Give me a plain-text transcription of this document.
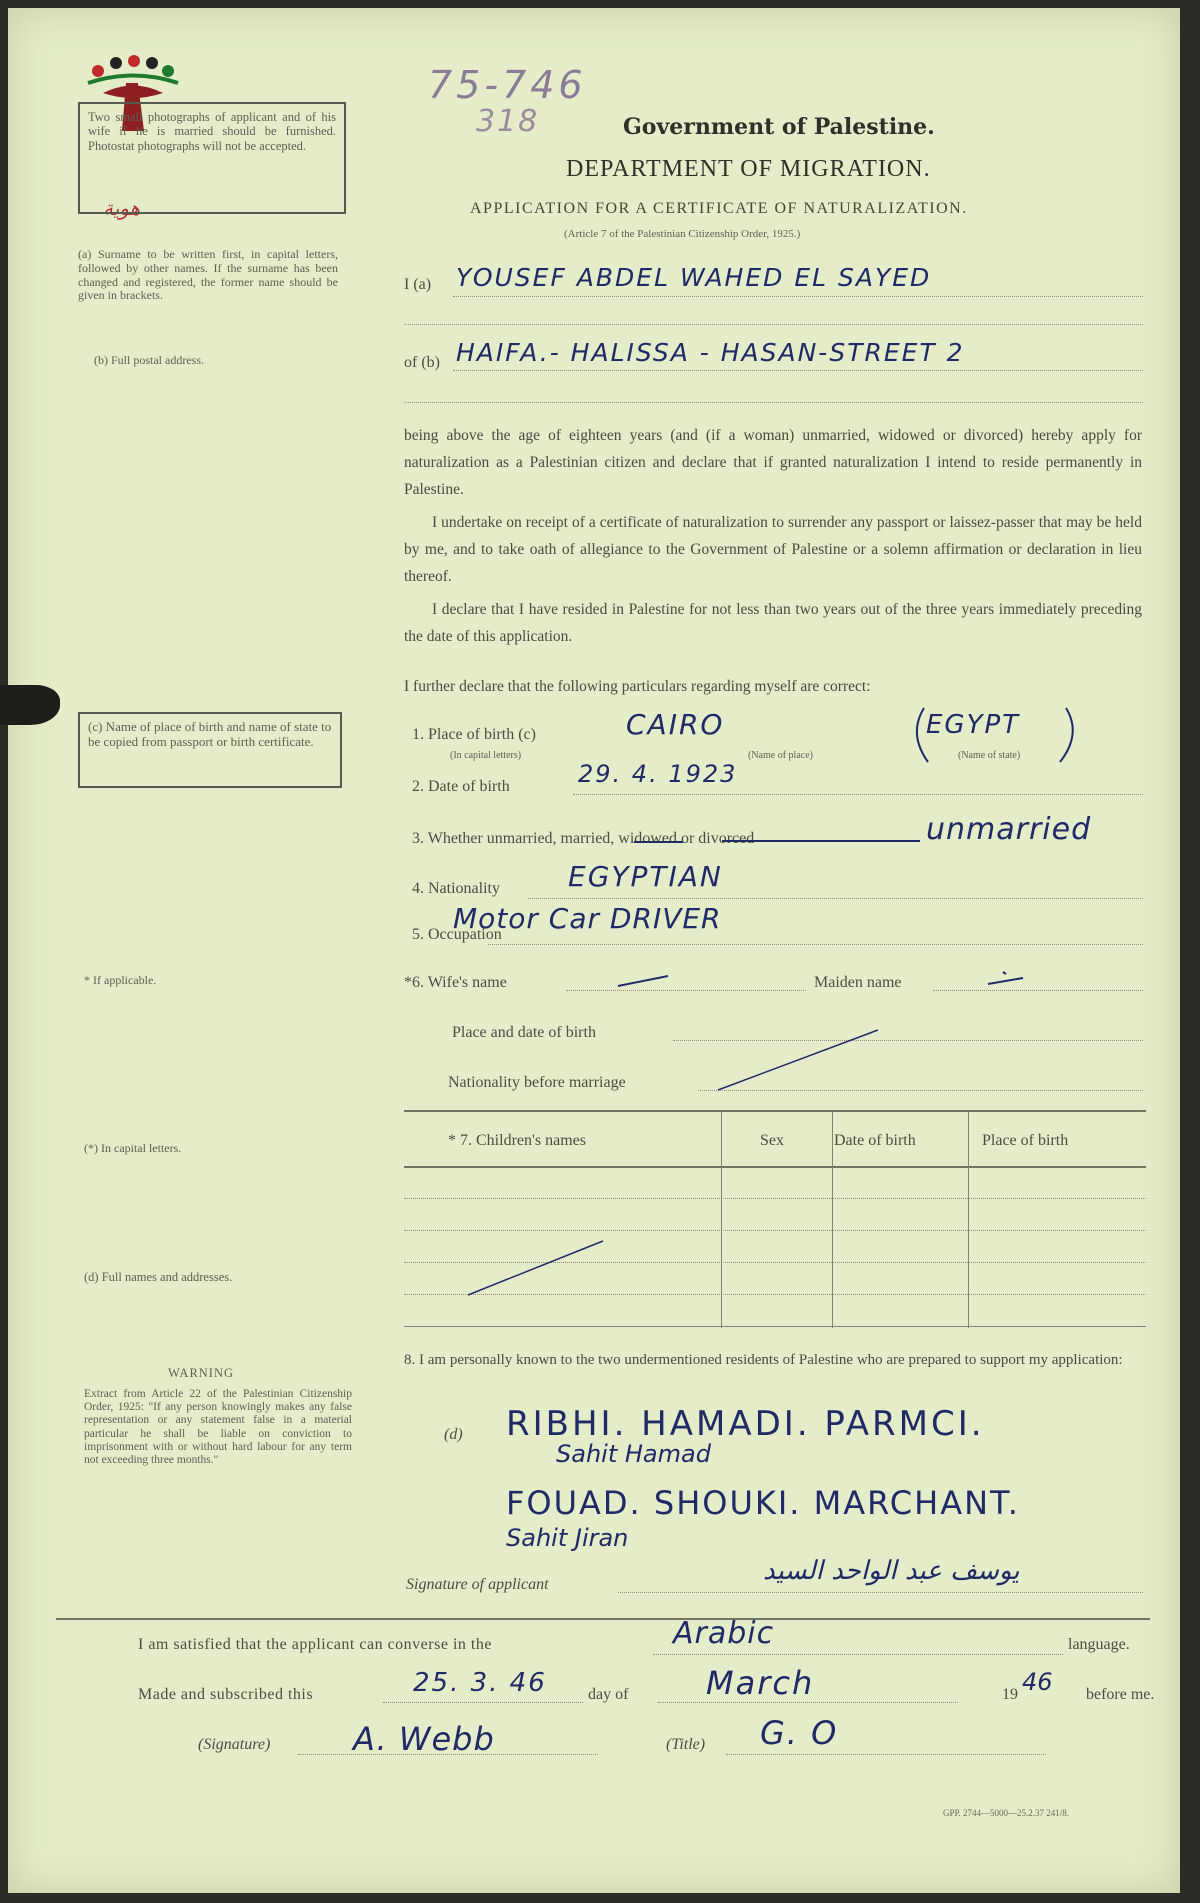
هوية
75-746
318
Two small photographs of applicant and of his wife if he is married should be furnished. Photostat photographs will not be accepted.
Government of Palestine.
DEPARTMENT OF MIGRATION.
APPLICATION FOR A CERTIFICATE OF NATURALIZATION.
(Article 7 of the Palestinian Citizenship Order, 1925.)
(a) Surname to be written first, in capital letters, followed by other names. If the surname has been changed and registered, the former name should be given in brackets.
(b) Full postal address.
I (a) YOUSEF ABDEL WAHED EL SAYED
of (b) HAIFA.- HALISSA - HASAN-STREET 2
being above the age of eighteen years (and (if a woman) unmarried, widowed or divorced) hereby apply for naturalization as a Palestinian citizen and declare that if granted naturalization I intend to reside permanently in Palestine.
I undertake on receipt of a certificate of naturalization to surrender any passport or laissez-passer that may be held by me, and to take oath of allegiance to the Government of Palestine or a solemn affirmation or declaration in lieu thereof.
I declare that I have resided in Palestine for not less than two years out of the three years immediately preceding the date of this application.
I further declare that the following particulars regarding myself are correct:
(c) Name of place of birth and name of state to be copied from passport or birth certificate.	1. Place of birth (c)
(In capital letters)
CAIRO
(Name of place)
EGYPT
(Name of state)
2. Date of birth	29. 4. 1923
3. Whether unmarried, married, widowed or divorced	unmarried
4. Nationality EGYPTIAN
5. Occupation
Motor Car DRIVER
* If applicable.	*6. Wife's name	Maiden name
Place and date of birth
Nationality before marriage
(*) In capital letters.	* 7. Children's names	Sex	Date of birth	Place of birth
(d) Full names and addresses.
WARNING
Extract from Article 22 of the Palestinian Citizenship Order, 1925: "If any person knowingly makes any false representation or any statement false in a material particular he shall be liable on conviction to imprisonment with or without hard labour for any term not exceeding three months."
8. I am personally known to the two undermentioned residents of Palestine who are prepared to support my application:
(d) RIBHI. HAMADI. PARMCI.
Sahit Hamad
FOUAD. SHOUKI. MARCHANT.
Sahit Jiran
Signature of applicant	يوسف عبد الواحد السيد
I am satisfied that the applicant can converse in the	Arabic	language.
Made and subscribed this	25. 3. 46	day of March	19 46 before me.
(Signature)	A. Webb	(Title) G. O
GPP. 2744—5000—25.2.37 241/8.
